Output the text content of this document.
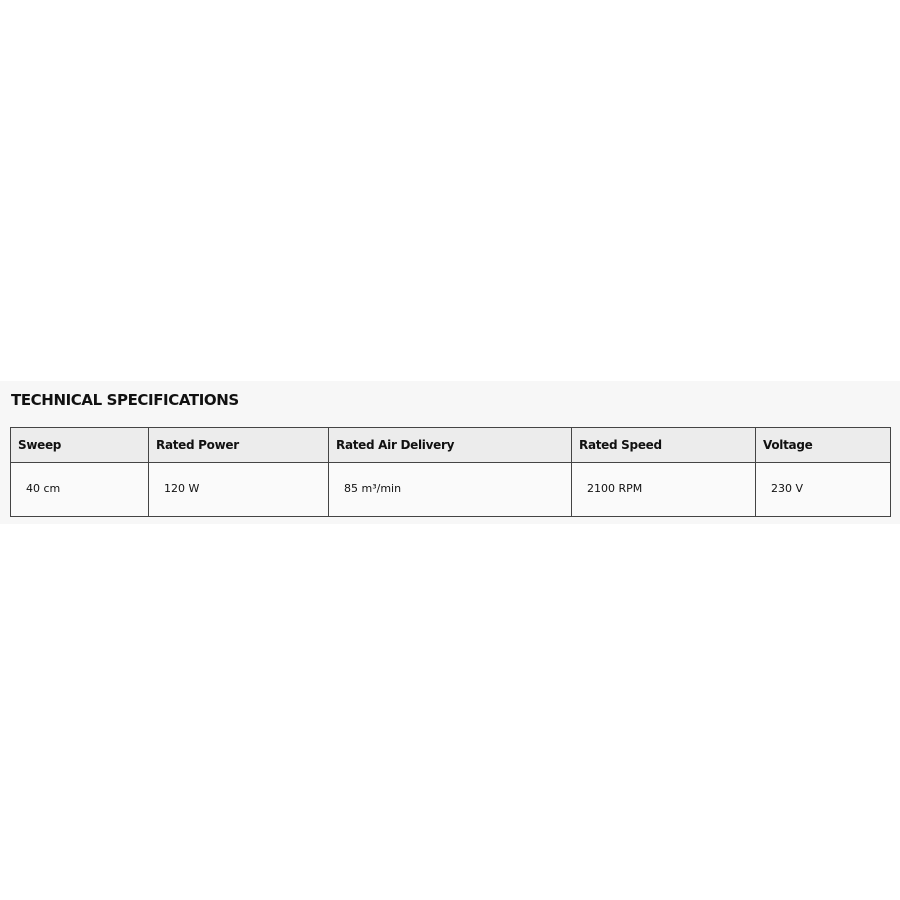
TECHNICAL SPECIFICATIONS
Sweep	Rated Power	Rated Air Delivery	Rated Speed	Voltage
40 cm	120 W	85 m³/min	2100 RPM	230 V
